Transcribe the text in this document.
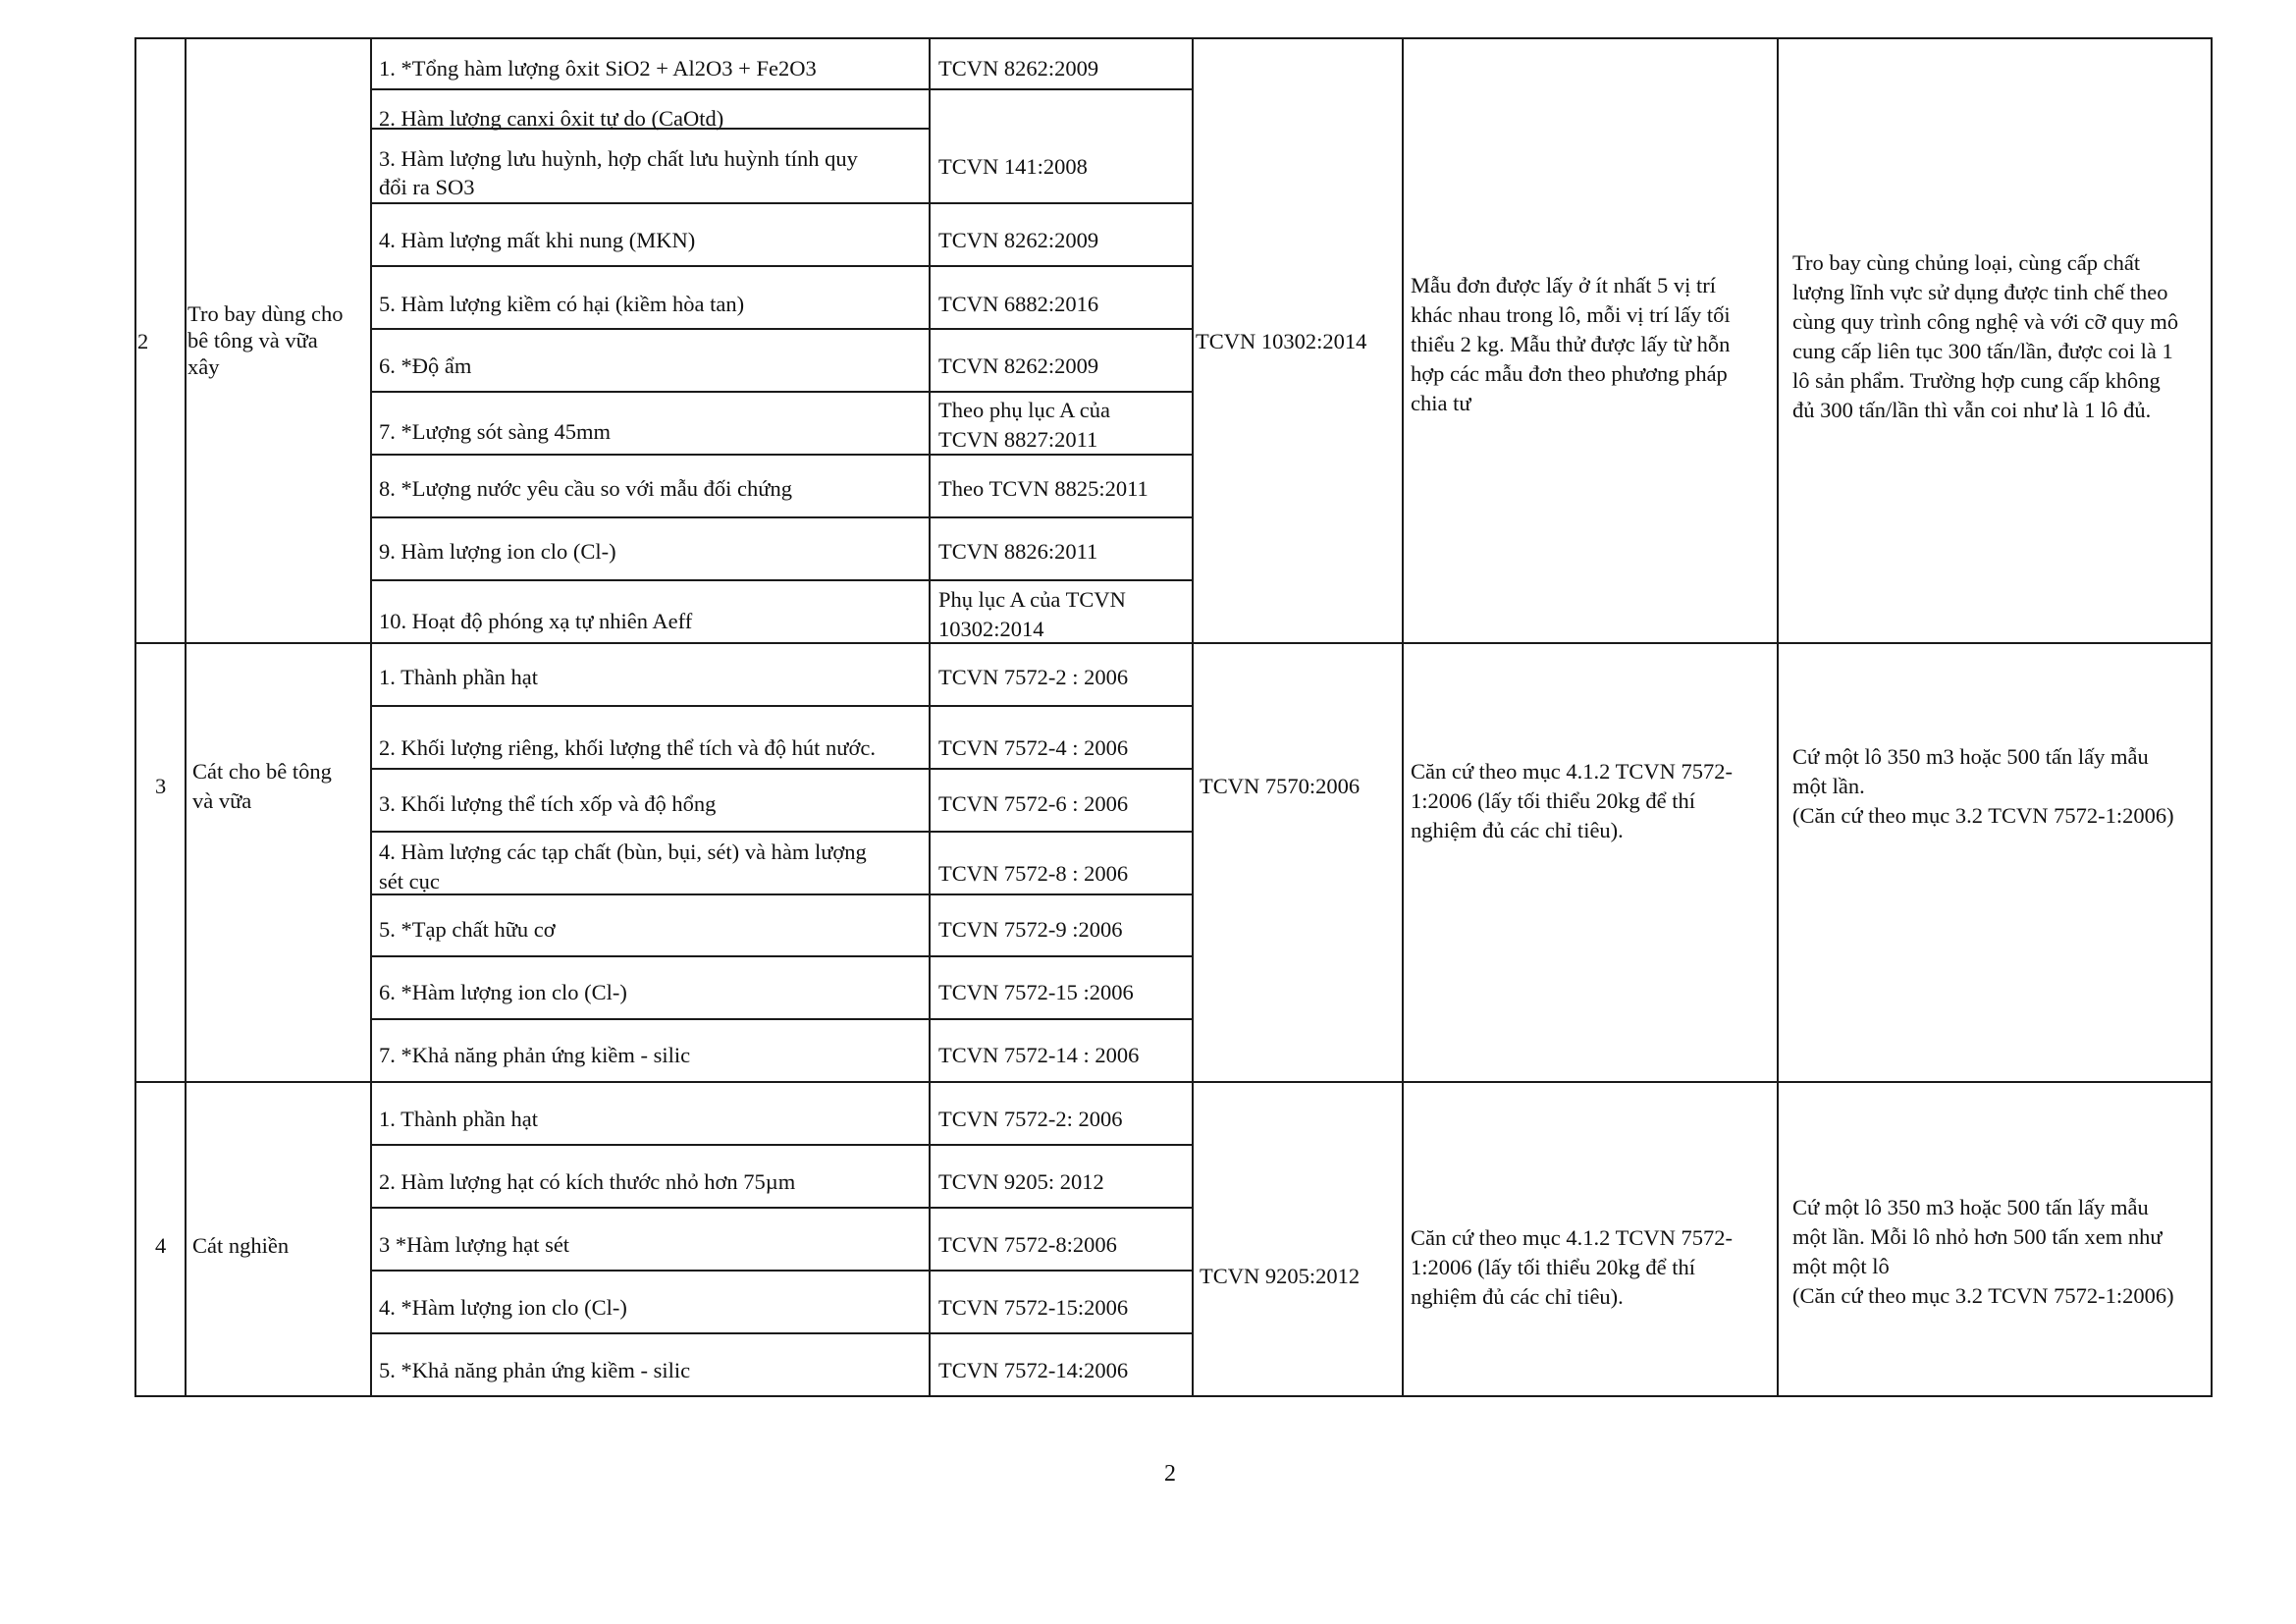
2
Tro bay dùng cho
bê tông và vữa
xây
1. *Tổng hàm lượng ôxit SiO2 + Al2O3 + Fe2O3
2. Hàm lượng canxi ôxit tự do (CaOtd)
3. Hàm lượng lưu huỳnh, hợp chất lưu huỳnh tính quy
đổi ra SO3
4. Hàm lượng mất khi nung (MKN)
5. Hàm lượng kiềm có hại (kiềm hòa tan)
6. *Độ ẩm
7. *Lượng sót sàng 45mm
8. *Lượng nước yêu cầu so với mẫu đối chứng
9. Hàm lượng ion clo (Cl-)
10. Hoạt độ phóng xạ tự nhiên Aeff
TCVN 8262:2009
TCVN 141:2008
TCVN 8262:2009
TCVN 6882:2016
TCVN 8262:2009
Theo phụ lục A của
TCVN 8827:2011
Theo TCVN 8825:2011
TCVN 8826:2011
Phụ lục A của TCVN
10302:2014
TCVN 10302:2014
Mẫu đơn được lấy ở ít nhất 5 vị trí
khác nhau trong lô, mỗi vị trí lấy tối
thiểu 2 kg. Mẫu thử được lấy từ hỗn
hợp các mẫu đơn theo phương pháp
chia tư
Tro bay cùng chủng loại, cùng cấp chất
lượng lĩnh vực sử dụng được tinh chế theo
cùng quy trình công nghệ và với cỡ quy mô
cung cấp liên tục 300 tấn/lần, được coi là 1
lô sản phẩm. Trường hợp cung cấp không
đủ 300 tấn/lần thì vẫn coi như là 1 lô đủ.
3
Cát cho bê tông
và vữa
1. Thành phần hạt
2. Khối lượng riêng, khối lượng thể tích và độ hút nước.
3. Khối lượng thể tích xốp và độ hổng
4. Hàm lượng các tạp chất (bùn, bụi, sét) và hàm lượng
sét cục
5. *Tạp chất hữu cơ
6. *Hàm lượng ion clo (Cl-)
7. *Khả năng phản ứng kiềm - silic
TCVN 7572-2 : 2006
TCVN 7572-4 : 2006
TCVN 7572-6 : 2006
TCVN 7572-8 : 2006
TCVN 7572-9 :2006
TCVN 7572-15 :2006
TCVN 7572-14 : 2006
TCVN 7570:2006
Căn cứ theo mục 4.1.2 TCVN 7572-
1:2006 (lấy tối thiểu 20kg để thí
nghiệm đủ các chỉ tiêu).
Cứ một lô 350 m3 hoặc 500 tấn lấy mẫu
một lần.
(Căn cứ theo mục 3.2 TCVN 7572-1:2006)
4 Cát nghiền
1. Thành phần hạt
2. Hàm lượng hạt có kích thước nhỏ hơn 75µm
3 *Hàm lượng hạt sét
4. *Hàm lượng ion clo (Cl-)
5. *Khả năng phản ứng kiềm - silic
TCVN 7572-2: 2006
TCVN 9205: 2012
TCVN 7572-8:2006
TCVN 7572-15:2006
TCVN 7572-14:2006
TCVN 9205:2012
Căn cứ theo mục 4.1.2 TCVN 7572-
1:2006 (lấy tối thiểu 20kg để thí
nghiệm đủ các chỉ tiêu).
Cứ một lô 350 m3 hoặc 500 tấn lấy mẫu
một lần. Mỗi lô nhỏ hơn 500 tấn xem như
một một lô
(Căn cứ theo mục 3.2 TCVN 7572-1:2006)
2
